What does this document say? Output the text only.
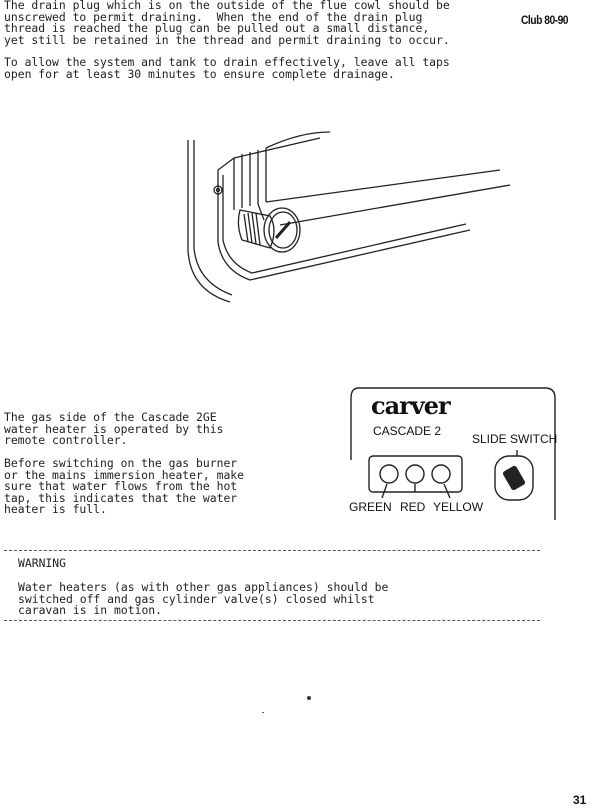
The drain plug which is on the outside of the flue cowl should be
unscrewed to permit draining.  When the end of the drain plug
thread is reached the plug can be pulled out a small distance,
yet still be retained in the thread and permit draining to occur.
Club 80-90
To allow the system and tank to drain effectively, leave all taps
open for at least 30 minutes to ensure complete drainage.
The gas side of the Cascade 2GE
water heater is operated by this
remote controller.
Before switching on the gas burner
or the mains immersion heater, make
sure that water flows from the hot
tap, this indicates that the water
heater is full.
carver
CASCADE 2
SLIDE SWITCH
GREEN RED YELLOW
WARNING
Water heaters (as with other gas appliances) should be
switched off and gas cylinder valve(s) closed whilst
caravan is in motion.
31
